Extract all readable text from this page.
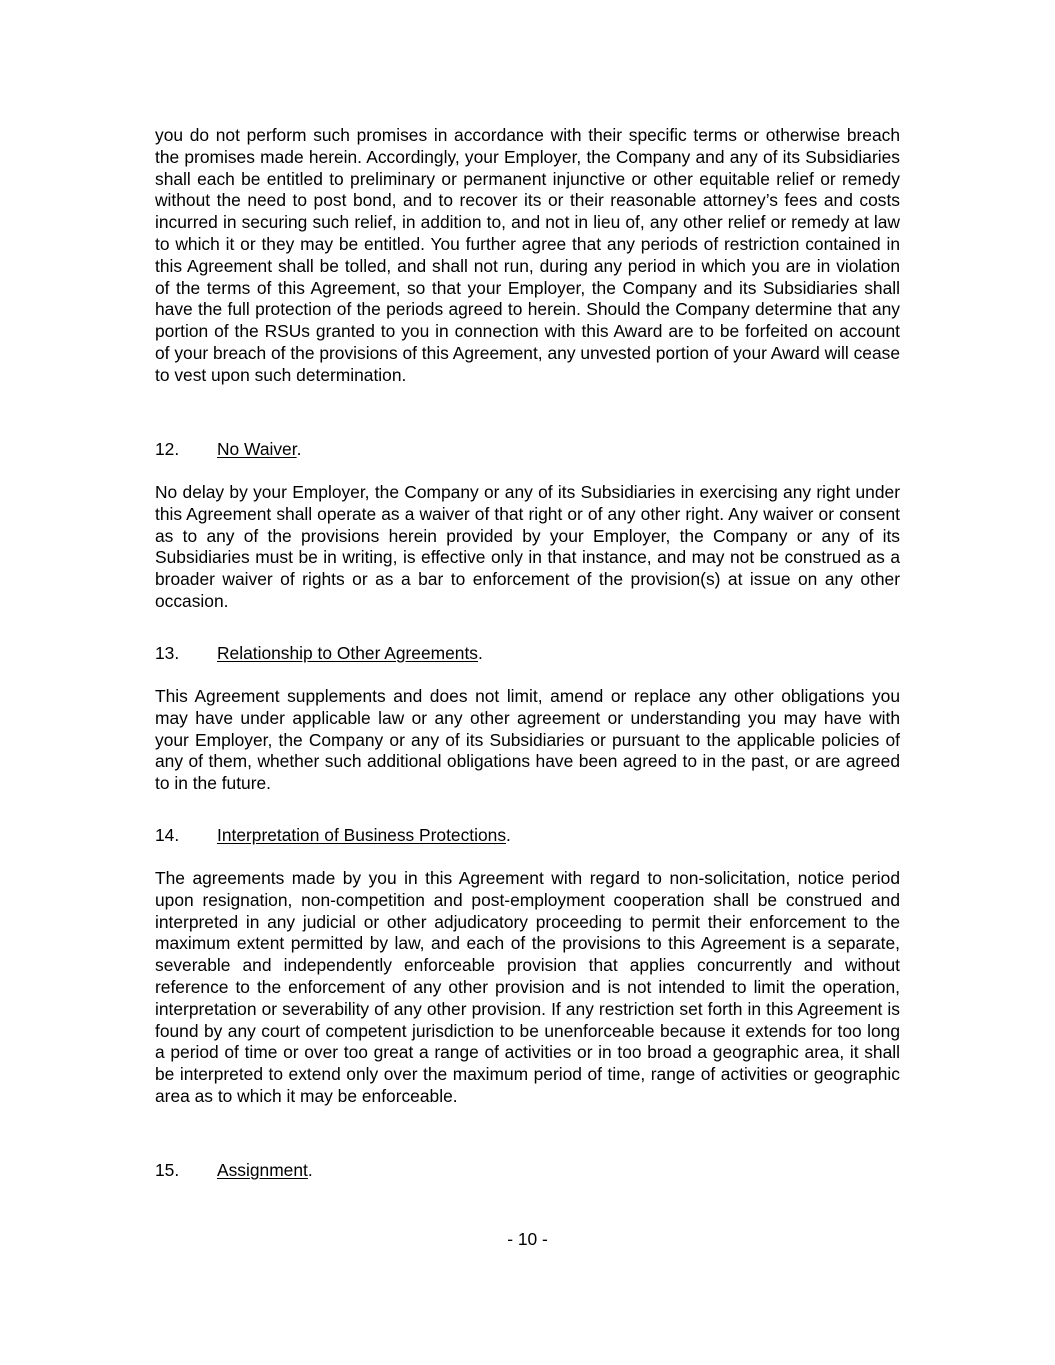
you do not perform such promises in accordance with their specific terms or otherwise breach the promises made herein. Accordingly, your Employer, the Company and any of its Subsidiaries shall each be entitled to preliminary or permanent injunctive or other equitable relief or remedy without the need to post bond, and to recover its or their reasonable attorney’s fees and costs incurred in securing such relief, in addition to, and not in lieu of, any other relief or remedy at law to which it or they may be entitled. You further agree that any periods of restriction contained in this Agreement shall be tolled, and shall not run, during any period in which you are in violation of the terms of this Agreement, so that your Employer, the Company and its Subsidiaries shall have the full protection of the periods agreed to herein. Should the Company determine that any portion of the RSUs granted to you in connection with this Award are to be forfeited on account of your breach of the provisions of this Agreement, any unvested portion of your Award will cease to vest upon such determination.

12. No Waiver.

No delay by your Employer, the Company or any of its Subsidiaries in exercising any right under this Agreement shall operate as a waiver of that right or of any other right. Any waiver or consent as to any of the provisions herein provided by your Employer, the Company or any of its Subsidiaries must be in writing, is effective only in that instance, and may not be construed as a broader waiver of rights or as a bar to enforcement of the provision(s) at issue on any other occasion.

13. Relationship to Other Agreements.

This Agreement supplements and does not limit, amend or replace any other obligations you may have under applicable law or any other agreement or understanding you may have with your Employer, the Company or any of its Subsidiaries or pursuant to the applicable policies of any of them, whether such additional obligations have been agreed to in the past, or are agreed to in the future.

14. Interpretation of Business Protections.

The agreements made by you in this Agreement with regard to non-solicitation, notice period upon resignation, non-competition and post-employment cooperation shall be construed and interpreted in any judicial or other adjudicatory proceeding to permit their enforcement to the maximum extent permitted by law, and each of the provisions to this Agreement is a separate, severable and independently enforceable provision that applies concurrently and without reference to the enforcement of any other provision and is not intended to limit the operation, interpretation or severability of any other provision. If any restriction set forth in this Agreement is found by any court of competent jurisdiction to be unenforceable because it extends for too long a period of time or over too great a range of activities or in too broad a geographic area, it shall be interpreted to extend only over the maximum period of time, range of activities or geographic area as to which it may be enforceable.

15. Assignment.
- 10 -
